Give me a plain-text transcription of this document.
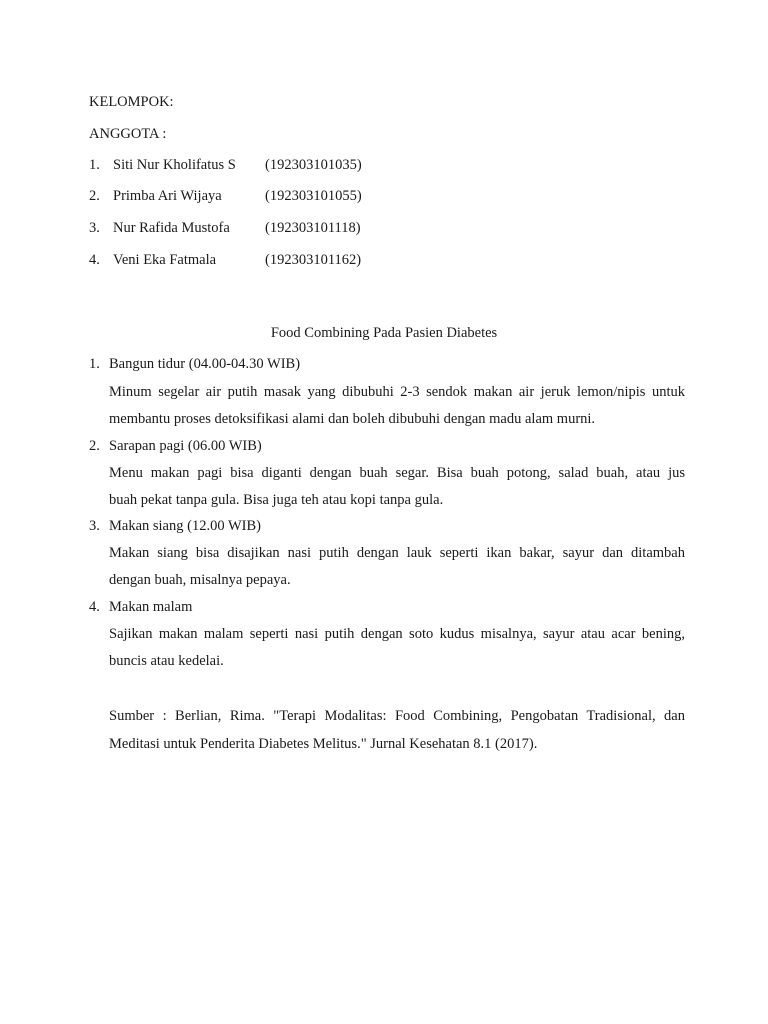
KELOMPOK:
ANGGOTA :
1. Siti Nur Kholifatus S (192303101035)
2. Primba Ari Wijaya	(192303101055)
3. Nur Rafida Mustofa (192303101118)
4. Veni Eka Fatmala	(192303101162)
Food Combining Pada Pasien Diabetes
1. Bangun tidur (04.00-04.30 WIB)
Minum segelar air putih masak yang dibubuhi 2-3 sendok makan air jeruk lemon/nipis untuk
membantu proses detoksifikasi alami dan boleh dibubuhi dengan madu alam murni.
2. Sarapan pagi (06.00 WIB)
Menu makan pagi bisa diganti dengan buah segar. Bisa buah potong, salad buah, atau jus
buah pekat tanpa gula. Bisa juga teh atau kopi tanpa gula.
3. Makan siang (12.00 WIB)
Makan siang bisa disajikan nasi putih dengan lauk seperti ikan bakar, sayur dan ditambah
dengan buah, misalnya pepaya.
4. Makan malam
Sajikan makan malam seperti nasi putih dengan soto kudus misalnya, sayur atau acar bening,
buncis atau kedelai.
Sumber : Berlian, Rima. "Terapi Modalitas: Food Combining, Pengobatan Tradisional, dan
Meditasi untuk Penderita Diabetes Melitus." Jurnal Kesehatan 8.1 (2017).
